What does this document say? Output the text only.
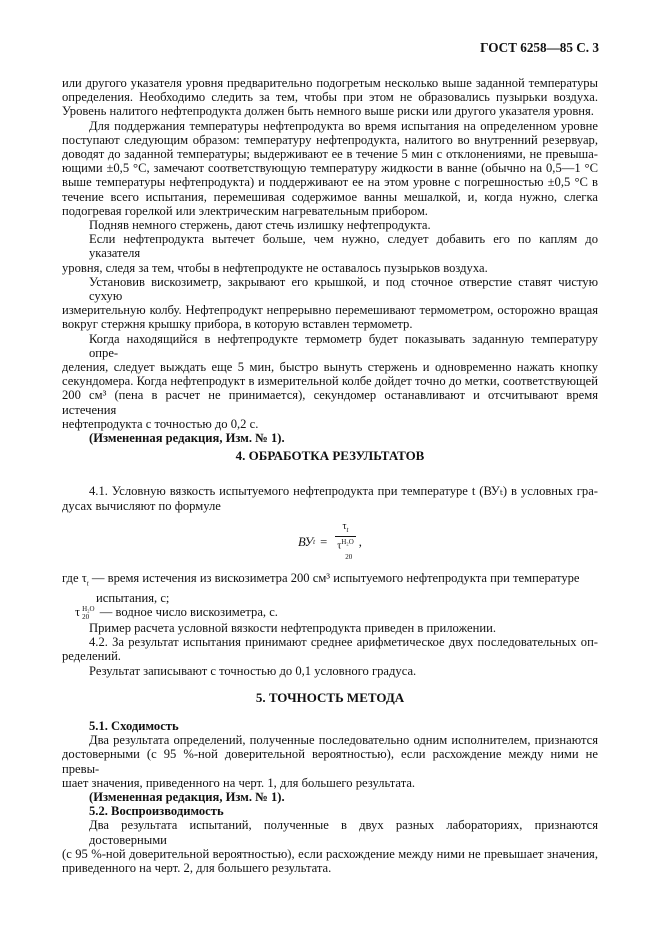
ГОСТ 6258—85 С. 3
или другого указателя уровня предварительно подогретым несколько выше заданной температуры
определения. Необходимо следить за тем, чтобы при этом не образовались пузырьки воздуха.
Уровень налитого нефтепродукта должен быть немного выше риски или другого указателя уровня.
Для поддержания температуры нефтепродукта во время испытания на определенном уровне
поступают следующим образом: температуру нефтепродукта, налитого во внутренний резервуар,
доводят до заданной температуры; выдерживают ее в течение 5 мин с отклонениями, не превыша-
ющими ±0,5 °С, замечают соответствующую температуру жидкости в ванне (обычно на 0,5—1 °С
выше температуры нефтепродукта) и поддерживают ее на этом уровне с погрешностью ±0,5 °С в
течение всего испытания, перемешивая содержимое ванны мешалкой, и, когда нужно, слегка
подогревая горелкой или электрическим нагревательным прибором.
Подняв немного стержень, дают стечь излишку нефтепродукта.
Если нефтепродукта вытечет больше, чем нужно, следует добавить его по каплям до указателя
уровня, следя за тем, чтобы в нефтепродукте не оставалось пузырьков воздуха.
Установив вискозиметр, закрывают его крышкой, и под сточное отверстие ставят чистую сухую
измерительную колбу. Нефтепродукт непрерывно перемешивают термометром, осторожно вращая
вокруг стержня крышку прибора, в которую вставлен термометр.
Когда находящийся в нефтепродукте термометр будет показывать заданную температуру опре-
деления, следует выждать еще 5 мин, быстро вынуть стержень и одновременно нажать кнопку
секундомера. Когда нефтепродукт в измерительной колбе дойдет точно до метки, соответствующей
200 см³ (пена в расчет не принимается), секундомер останавливают и отсчитывают время истечения
нефтепродукта с точностью до 0,2 с.
(Измененная редакция, Изм. № 1).
4. ОБРАБОТКА РЕЗУЛЬТАТОВ
4.1. Условную вязкость испытуемого нефтепродукта при температуре t (ВУₜ) в условных гра-
дусах вычисляют по формуле
ВУ t =
$\tau_t$
$\tau^{H_2O}$
20
,
где $\tau_t$ — время истечения из вискозиметра 200 см³ испытуемого нефтепродукта при температуре
испытания, с;
τ H₂O
20 — водное число вискозиметра, с.
Пример расчета условной вязкости нефтепродукта приведен в приложении.
4.2. За результат испытания принимают среднее арифметическое двух последовательных оп-
ределений.
Результат записывают с точностью до 0,1 условного градуса.
5. ТОЧНОСТЬ МЕТОДА
5.1. Сходимость
Два результата определений, полученные последовательно одним исполнителем, признаются
достоверными (с 95 %-ной доверительной вероятностью), если расхождение между ними не превы-
шает значения, приведенного на черт. 1, для большего результата.
(Измененная редакция, Изм. № 1).
5.2. Воспроизводимость
Два результата испытаний, полученные в двух разных лабораториях, признаются достоверными
(с 95 %-ной доверительной вероятностью), если расхождение между ними не превышает значения,
приведенного на черт. 2, для большего результата.
